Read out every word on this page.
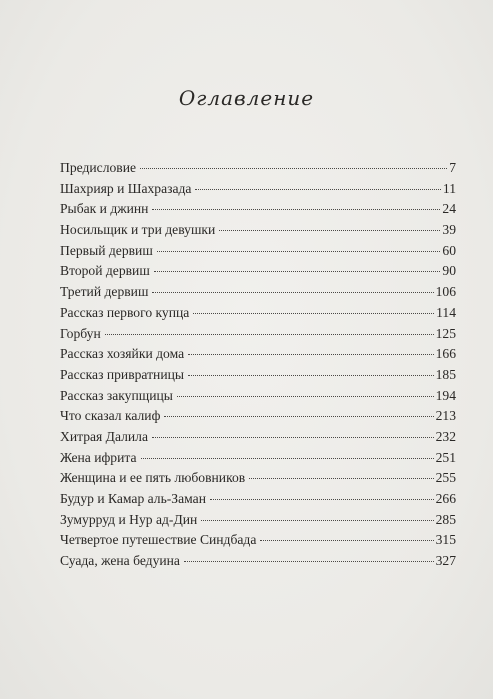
Оглавление
Предисловие	7
Шахрияр и Шахразада	11
Рыбак и джинн	24
Носильщик и три девушки	39
Первый дервиш	60
Второй дервиш	90
Третий дервиш	106
Рассказ первого купца	114
Горбун	125
Рассказ хозяйки дома	166
Рассказ привратницы	185
Рассказ закупщицы	194
Что сказал калиф	213
Хитрая Далила	232
Жена ифрита	251
Женщина и ее пять любовников	255
Будур и Камар аль-Заман	266
Зумурруд и Нур ад-Дин	285
Четвертое путешествие Синдбада	315
Суада, жена бедуина	327
